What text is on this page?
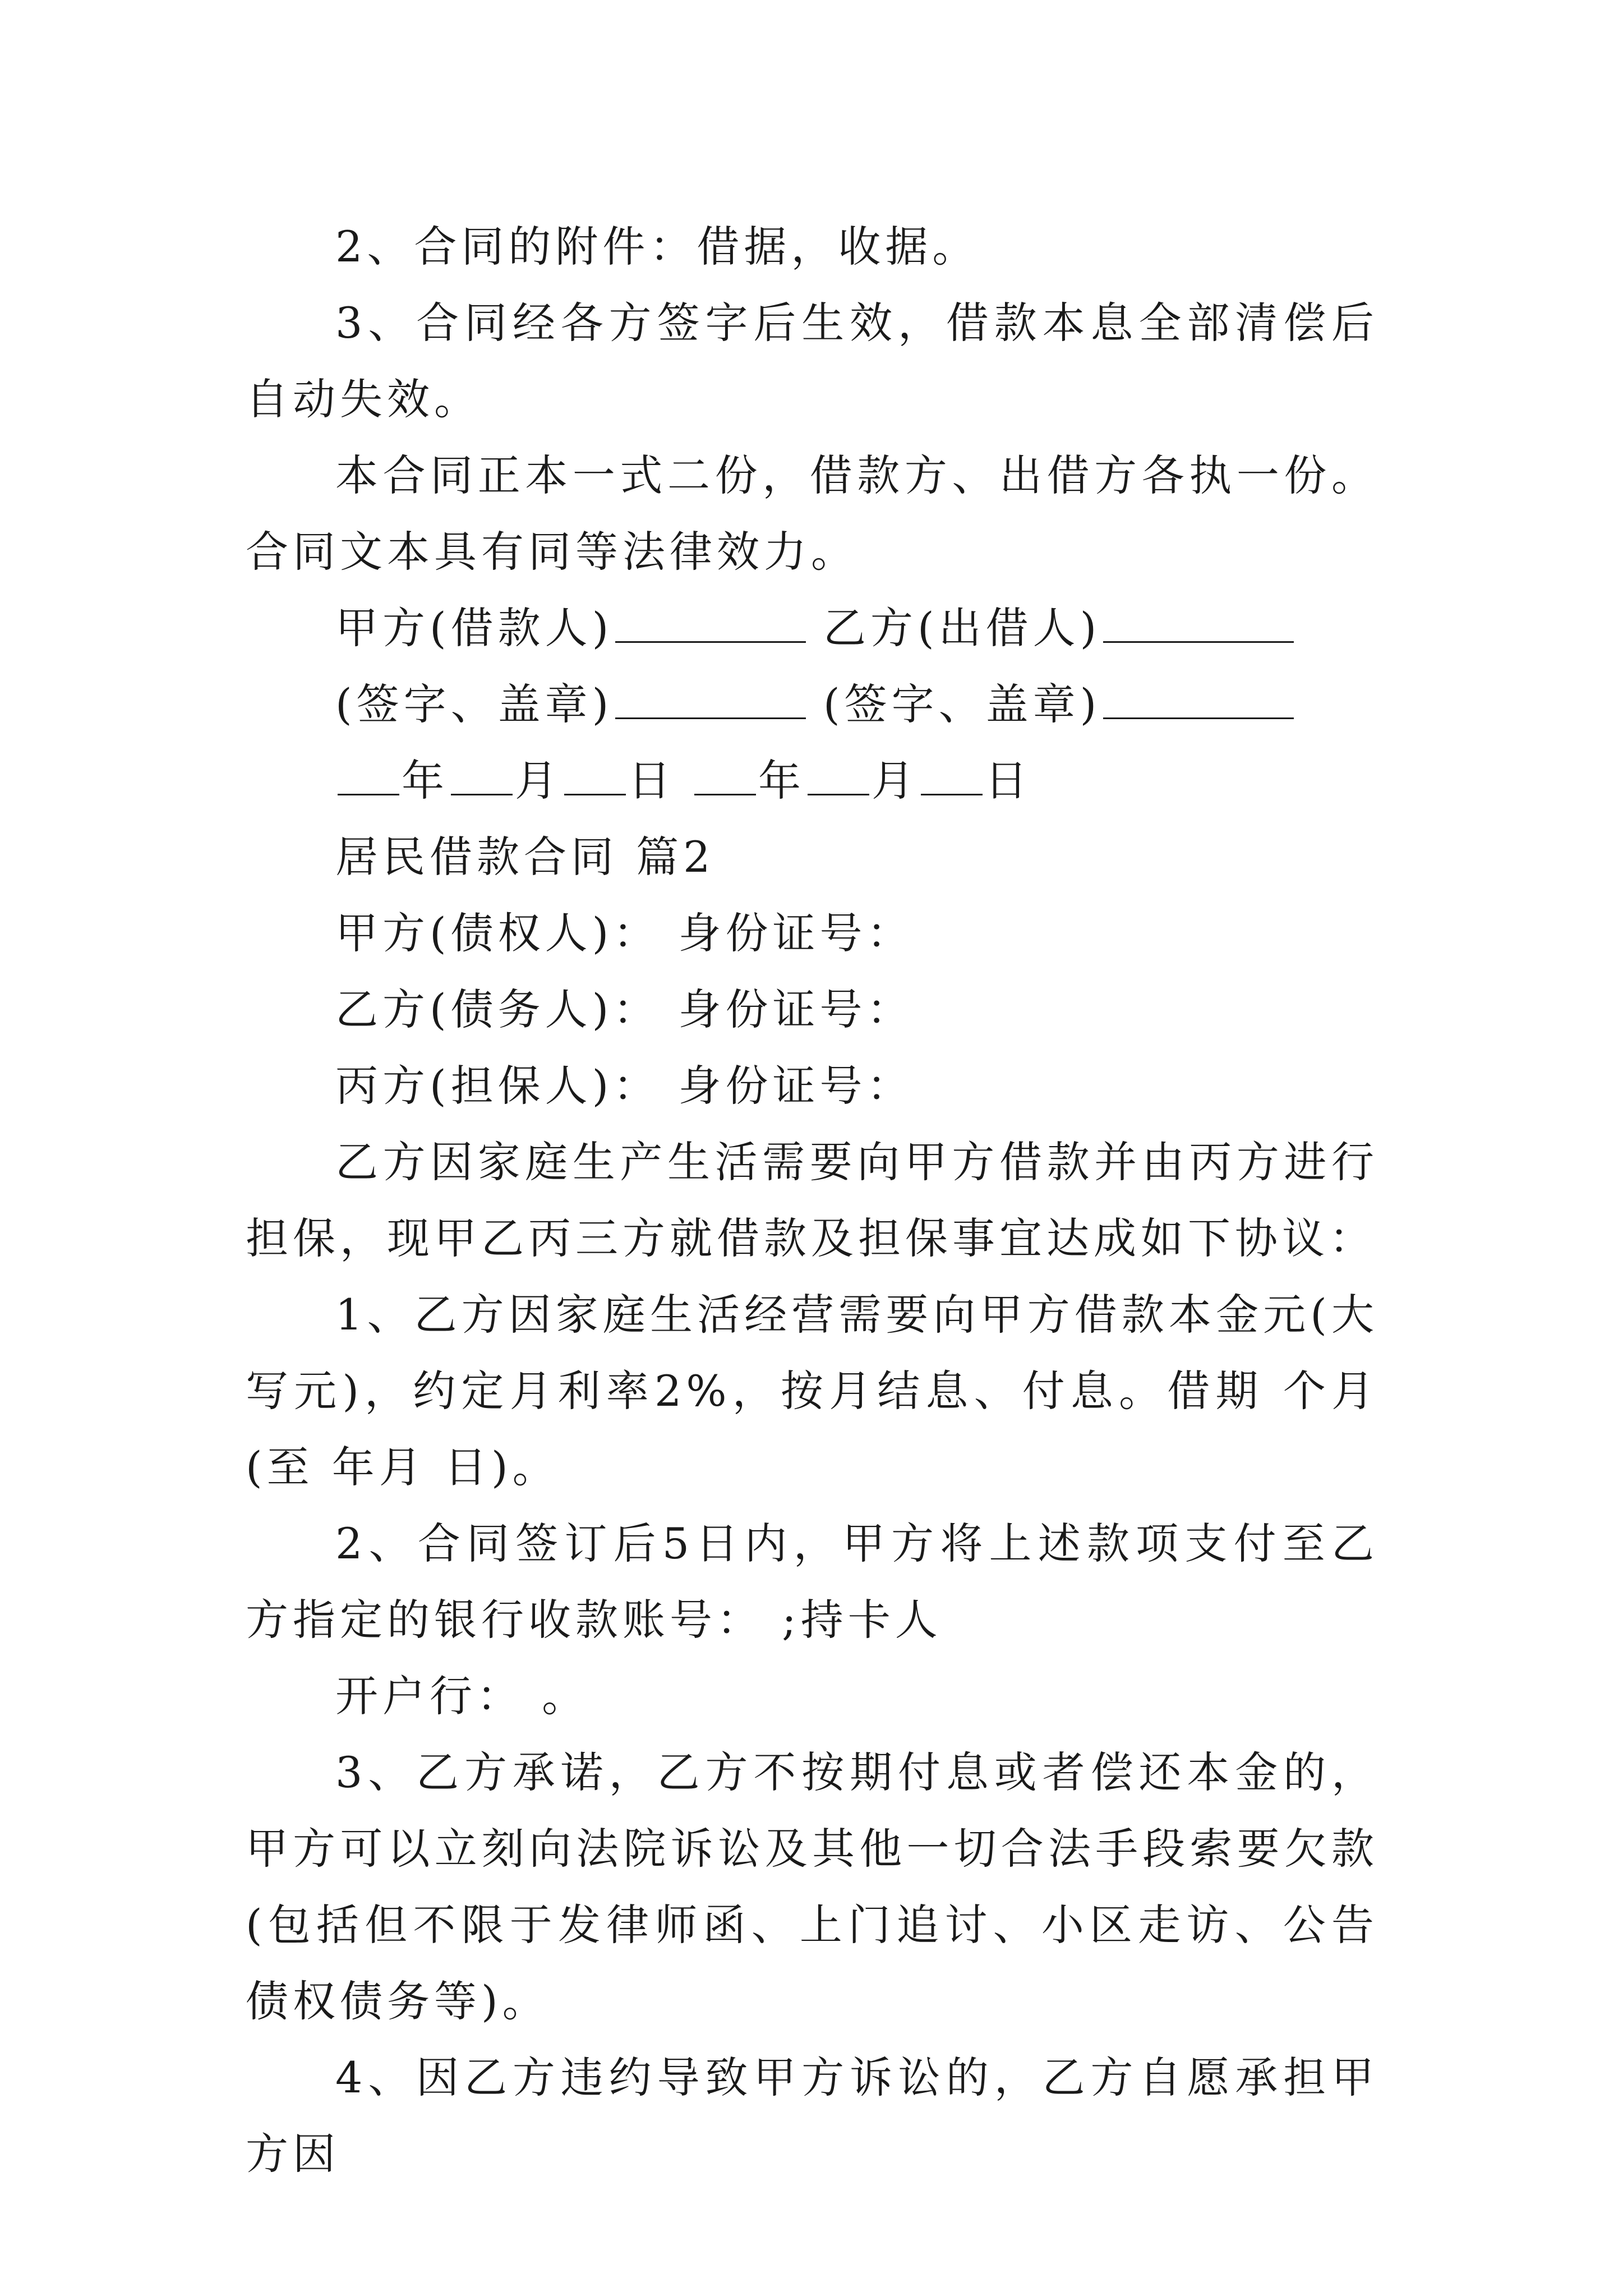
2、合同的附件：借据，收据。

3、合同经各方签字后生效，借款本息全部清偿后自动失效。

本合同正本一式二份，借款方、出借方各执一份。合同文本具有同等法律效力。

甲方(借款人)	乙方(出借人)
(签字、盖章)	(签字、盖章)
年 月 日 年 月 日

居民借款合同 篇2

甲方(债权人)： 身份证号：

乙方(债务人)： 身份证号：

丙方(担保人)： 身份证号：

乙方因家庭生产生活需要向甲方借款并由丙方进行担保，现甲乙丙三方就借款及担保事宜达成如下协议：

1、乙方因家庭生活经营需要向甲方借款本金元(大写元)，约定月利率2%，按月结息、付息。借期 个月(至 年月 日)。

2、合同签订后5日内，甲方将上述款项支付至乙方指定的银行收款账号： ;持卡人

开户行： 。

3、乙方承诺，乙方不按期付息或者偿还本金的，甲方可以立刻向法院诉讼及其他一切合法手段索要欠款(包括但不限于发律师函、上门追讨、小区走访、公告债权债务等)。

4、因乙方违约导致甲方诉讼的，乙方自愿承担甲方因
